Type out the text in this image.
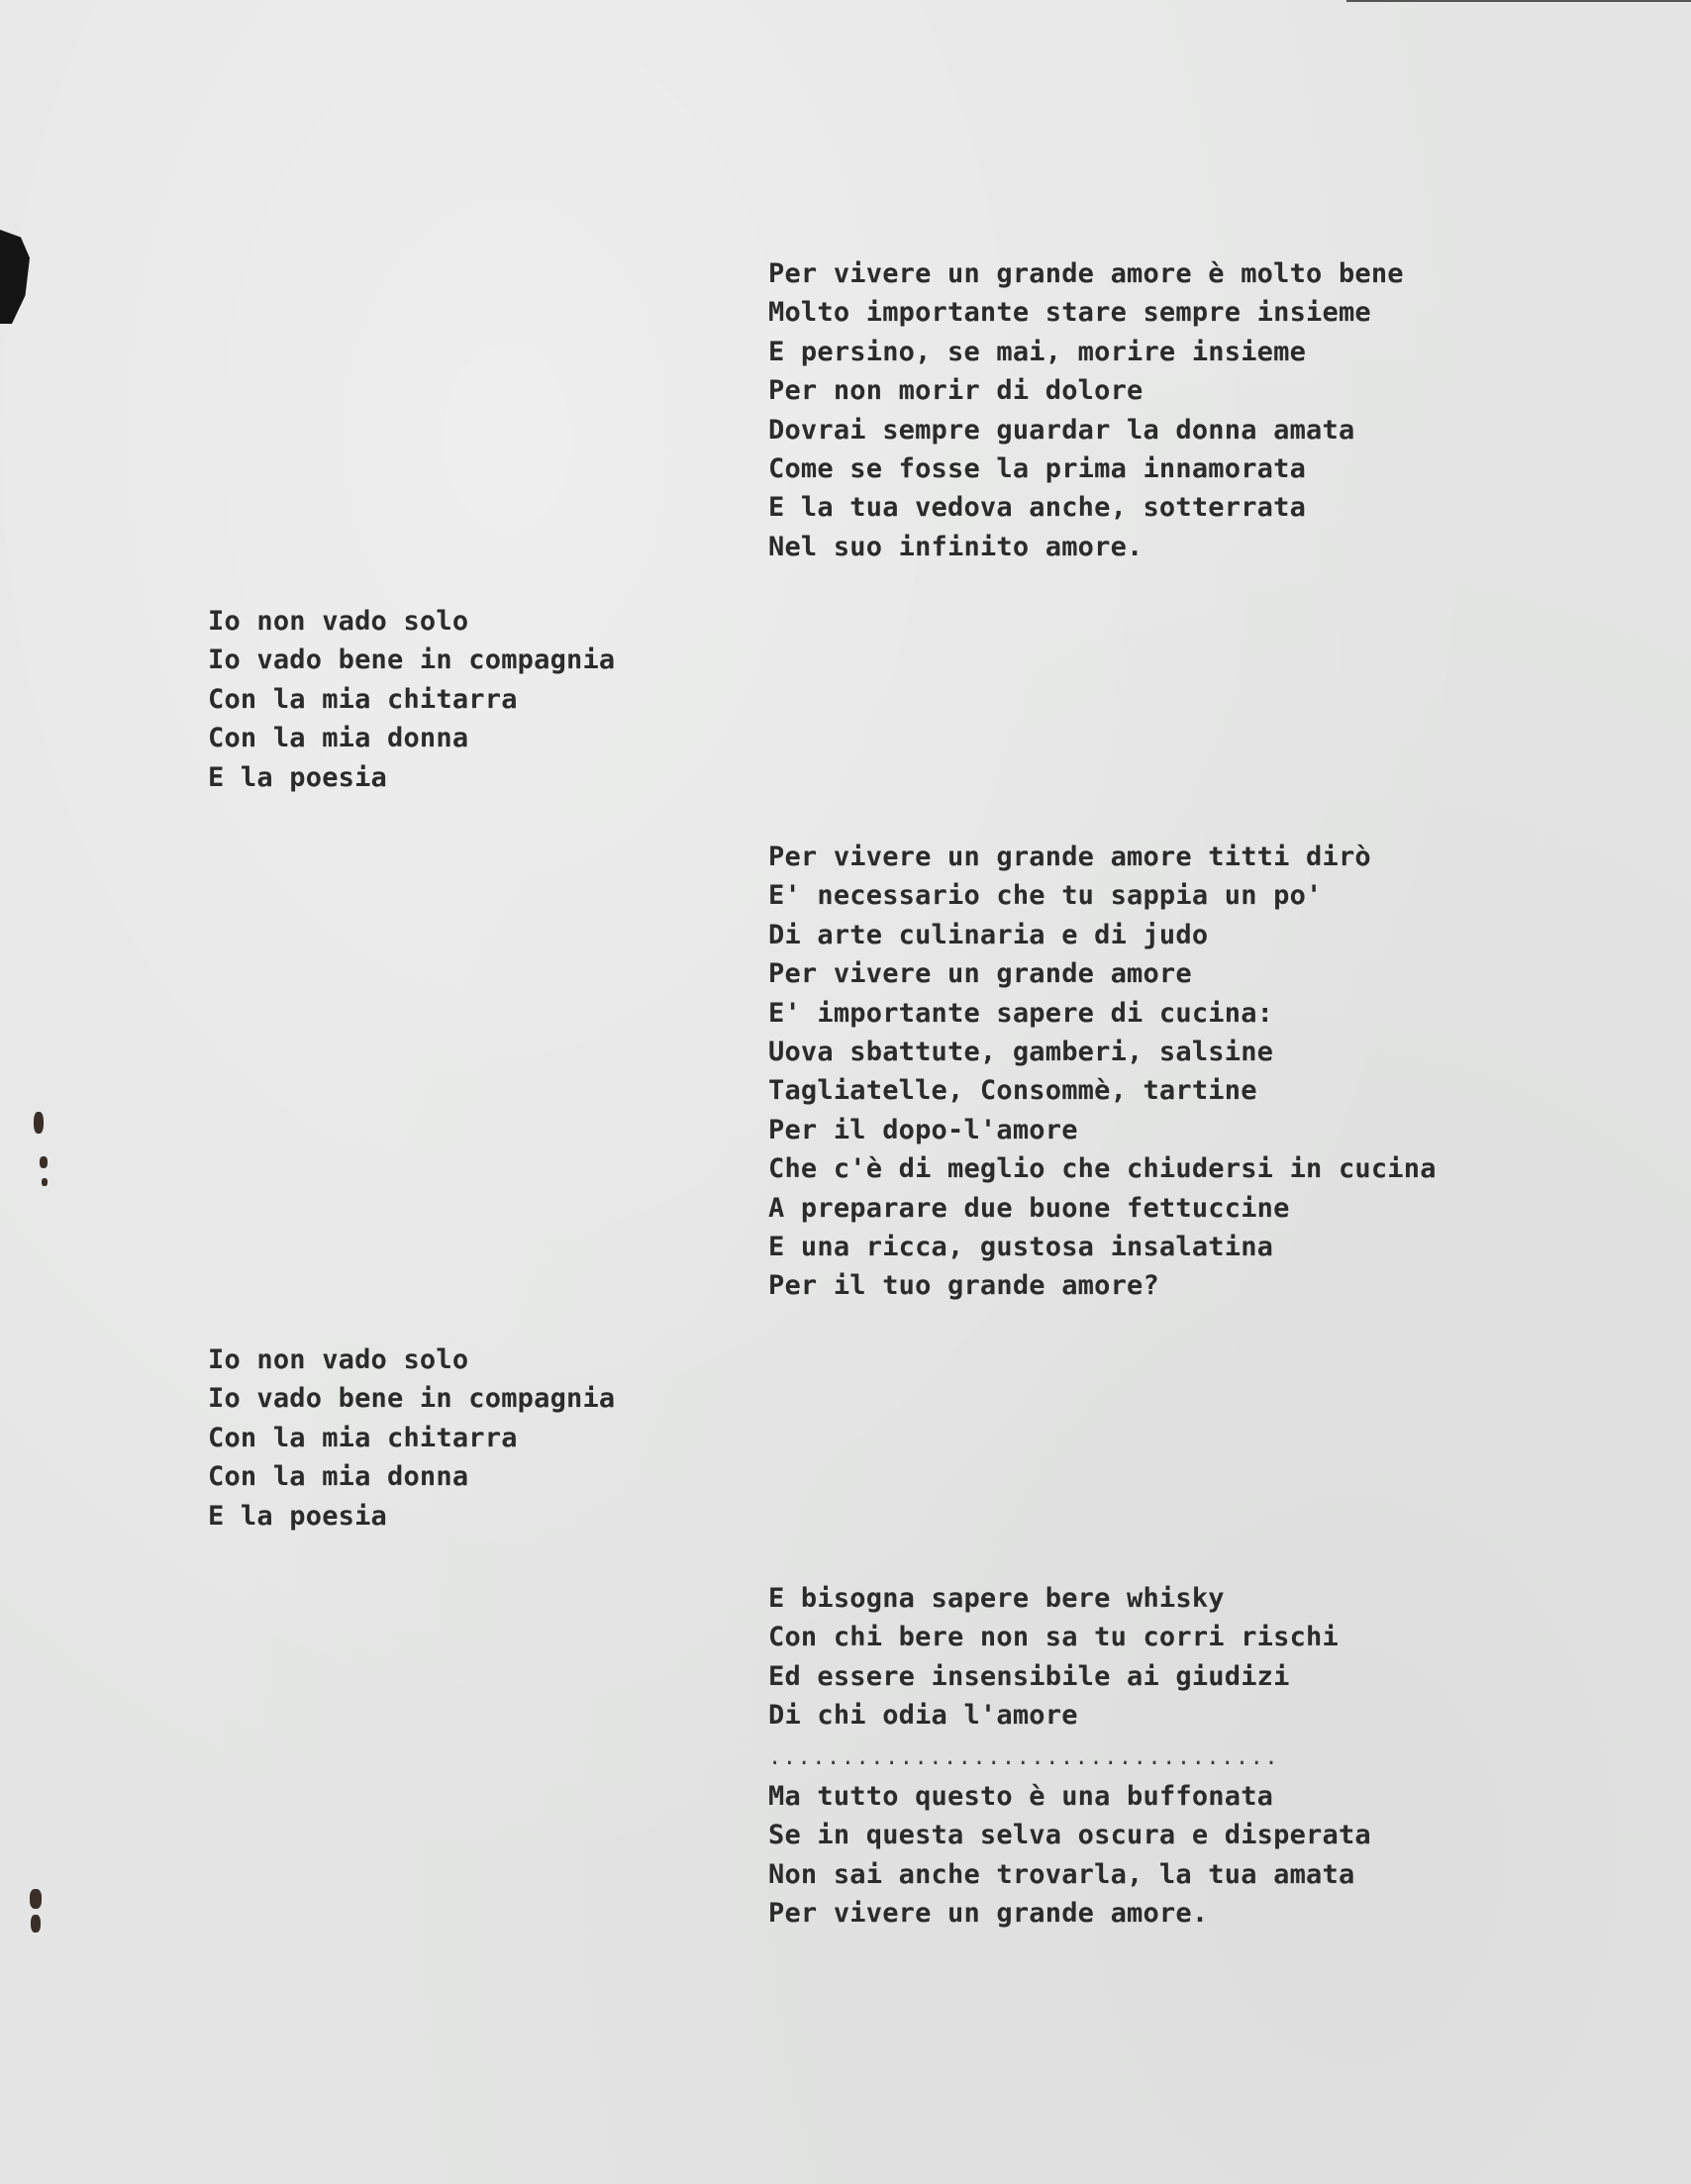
Per vivere un grande amore è molto bene
Molto importante stare sempre insieme
E persino, se mai, morire insieme
Per non morir di dolore
Dovrai sempre guardar la donna amata
Come se fosse la prima innamorata
E la tua vedova anche, sotterrata
Nel suo infinito amore.
Io non vado solo
Io vado bene in compagnia
Con la mia chitarra
Con la mia donna
E la poesia
Per vivere un grande amore titti dirò
E' necessario che tu sappia un po'
Di arte culinaria e di judo
Per vivere un grande amore
E' importante sapere di cucina:
Uova sbattute, gamberi, salsine
Tagliatelle, Consommè, tartine
Per il dopo-l'amore
Che c'è di meglio che chiudersi in cucina
A preparare due buone fettuccine
E una ricca, gustosa insalatina
Per il tuo grande amore?
Io non vado solo
Io vado bene in compagnia
Con la mia chitarra
Con la mia donna
E la poesia
E bisogna sapere bere whisky
Con chi bere non sa tu corri rischi
Ed essere insensibile ai giudizi
Di chi odia l'amore
...................................
Ma tutto questo è una buffonata
Se in questa selva oscura e disperata
Non sai anche trovarla, la tua amata
Per vivere un grande amore.
